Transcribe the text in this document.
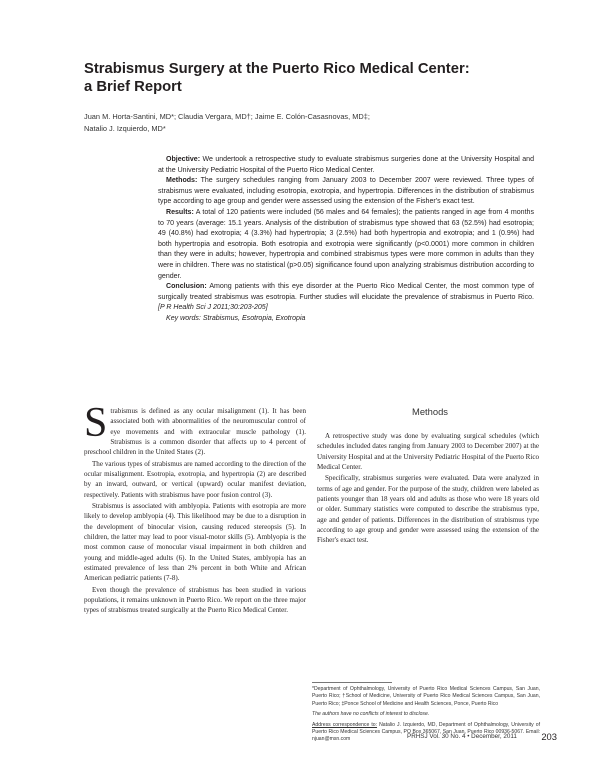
Strabismus Surgery at the Puerto Rico Medical Center:
a Brief Report
Juan M. Horta-Santini, MD*; Claudia Vergara, MD†; Jaime E. Colón-Casasnovas, MD‡;
Natalio J. Izquierdo, MD*

Objective: We undertook a retrospective study to evaluate strabismus surgeries done at the University Hospital and at the University Pediatric Hospital of the Puerto Rico Medical Center.

Methods: The surgery schedules ranging from January 2003 to December 2007 were reviewed. Three types of strabismus were evaluated, including esotropia, exotropia, and hypertropia. Differences in the distribution of strabismus type according to age group and gender were assessed using the extension of the Fisher's exact test.

Results: A total of 120 patients were included (56 males and 64 females); the patients ranged in age from 4 months to 70 years (average: 15.1 years. Analysis of the distribution of strabismus type showed that 63 (52.5%) had esotropia; 49 (40.8%) had exotropia; 4 (3.3%) had hypertropia; 3 (2.5%) had both hypertropia and exotropia; and 1 (0.9%) had both hypertropia and esotropia. Both esotropia and exotropia were significantly (p<0.0001) more common in children than they were in adults; however, hypertropia and combined strabismus types were more common in adults than they were in children. There was no statistical (p>0.05) significance found upon analyzing strabismus distribution according to gender.

Conclusion: Among patients with this eye disorder at the Puerto Rico Medical Center, the most common type of surgically treated strabismus was esotropia. Further studies will elucidate the prevalence of strabismus in Puerto Rico. [P R Health Sci J 2011;30:203-205]

Key words: Strabismus, Esotropia, Exotropia

Strabismus is defined as any ocular misalignment (1). It has been associated both with abnormalities of the neuromuscular control of eye movements and with extraocular muscle pathology (1). Strabismus is a common disorder that affects up to 4 percent of preschool children in the United States (2).

The various types of strabismus are named according to the direction of the ocular misalignment. Esotropia, exotropia, and hypertropia (2) are described by an inward, outward, or vertical (upward) ocular manifest deviation, respectively. Patients with strabismus have poor fusion control (3).

Strabismus is associated with amblyopia. Patients with esotropia are more likely to develop amblyopia (4). This likelihood may be due to a disruption in the development of binocular vision, causing reduced stereopsis (5). In children, the latter may lead to poor visual-motor skills (5). Amblyopia is the most common cause of monocular visual impairment in both children and young and middle-aged adults (6). In the United States, amblyopia has an estimated prevalence of less than 2% percent in both White and African American pediatric patients (7-8).

Even though the prevalence of strabismus has been studied in various populations, it remains unknown in Puerto Rico. We report on the three major types of strabismus treated surgically at the Puerto Rico Medical Center.

Methods

A retrospective study was done by evaluating surgical schedules (which schedules included dates ranging from January 2003 to December 2007) at the University Hospital and at the University Pediatric Hospital of the Puerto Rico Medical Center.

Specifically, strabismus surgeries were evaluated. Data were analyzed in terms of age and gender. For the purpose of the study, children were labeled as patients younger than 18 years old and adults as those who were 18 years old or older. Summary statistics were computed to describe the strabismus type, age and gender of patients. Differences in the distribution of strabismus type according to age group and gender were assessed using the extension of the Fisher's exact test.

*Department of Ophthalmology, University of Puerto Rico Medical Sciences Campus, San Juan, Puerto Rico; †School of Medicine, University of Puerto Rico Medical Sciences Campus, San Juan, Puerto Rico; ‡Ponce School of Medicine and Health Sciences, Ponce, Puerto Rico

The authors have no conflicts of interest to disclose.

Address correspondence to: Natalio J. Izquierdo, MD, Department of Ophthalmology, University of Puerto Rico Medical Sciences Campus, PO Box 365067, San Juan, Puerto Rico 00936-5067. Email: njuan@msn.com	PRHSJ Vol. 30 No. 4 • December, 2011	203
